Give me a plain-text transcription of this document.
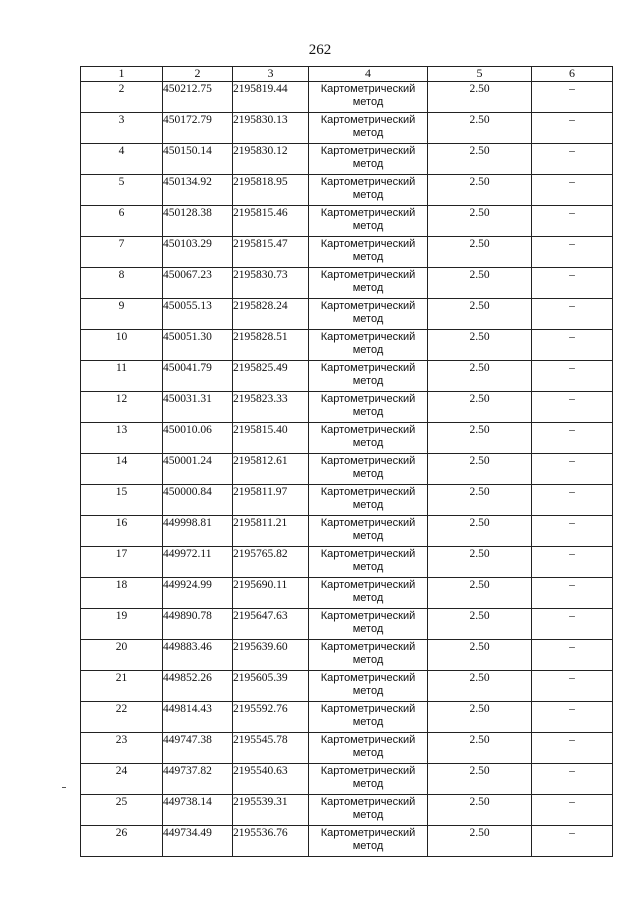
262
1	2	3	4	5	6
2	450212.75	2195819.44	Картометрический метод	2.50	–
3	450172.79	2195830.13	Картометрический метод	2.50	–
4	450150.14	2195830.12	Картометрический метод	2.50	–
5	450134.92	2195818.95	Картометрический метод	2.50	–
6	450128.38	2195815.46	Картометрический метод	2.50	–
7	450103.29	2195815.47	Картометрический метод	2.50	–
8	450067.23	2195830.73	Картометрический метод	2.50	–
9	450055.13	2195828.24	Картометрический метод	2.50	–
10	450051.30	2195828.51	Картометрический метод	2.50	–
11	450041.79	2195825.49	Картометрический метод	2.50	–
12	450031.31	2195823.33	Картометрический метод	2.50	–
13	450010.06	2195815.40	Картометрический метод	2.50	–
14	450001.24	2195812.61	Картометрический метод	2.50	–
15	450000.84	2195811.97	Картометрический метод	2.50	–
16	449998.81	2195811.21	Картометрический метод	2.50	–
17	449972.11	2195765.82	Картометрический метод	2.50	–
18	449924.99	2195690.11	Картометрический метод	2.50	–
19	449890.78	2195647.63	Картометрический метод	2.50	–
20	449883.46	2195639.60	Картометрический метод	2.50	–
21	449852.26	2195605.39	Картометрический метод	2.50	–
22	449814.43	2195592.76	Картометрический метод	2.50	–
23	449747.38	2195545.78	Картометрический метод	2.50	–
24	449737.82	2195540.63	Картометрический метод	2.50	–
25	449738.14	2195539.31	Картометрический метод	2.50	–
26	449734.49	2195536.76	Картометрический метод	2.50	–
